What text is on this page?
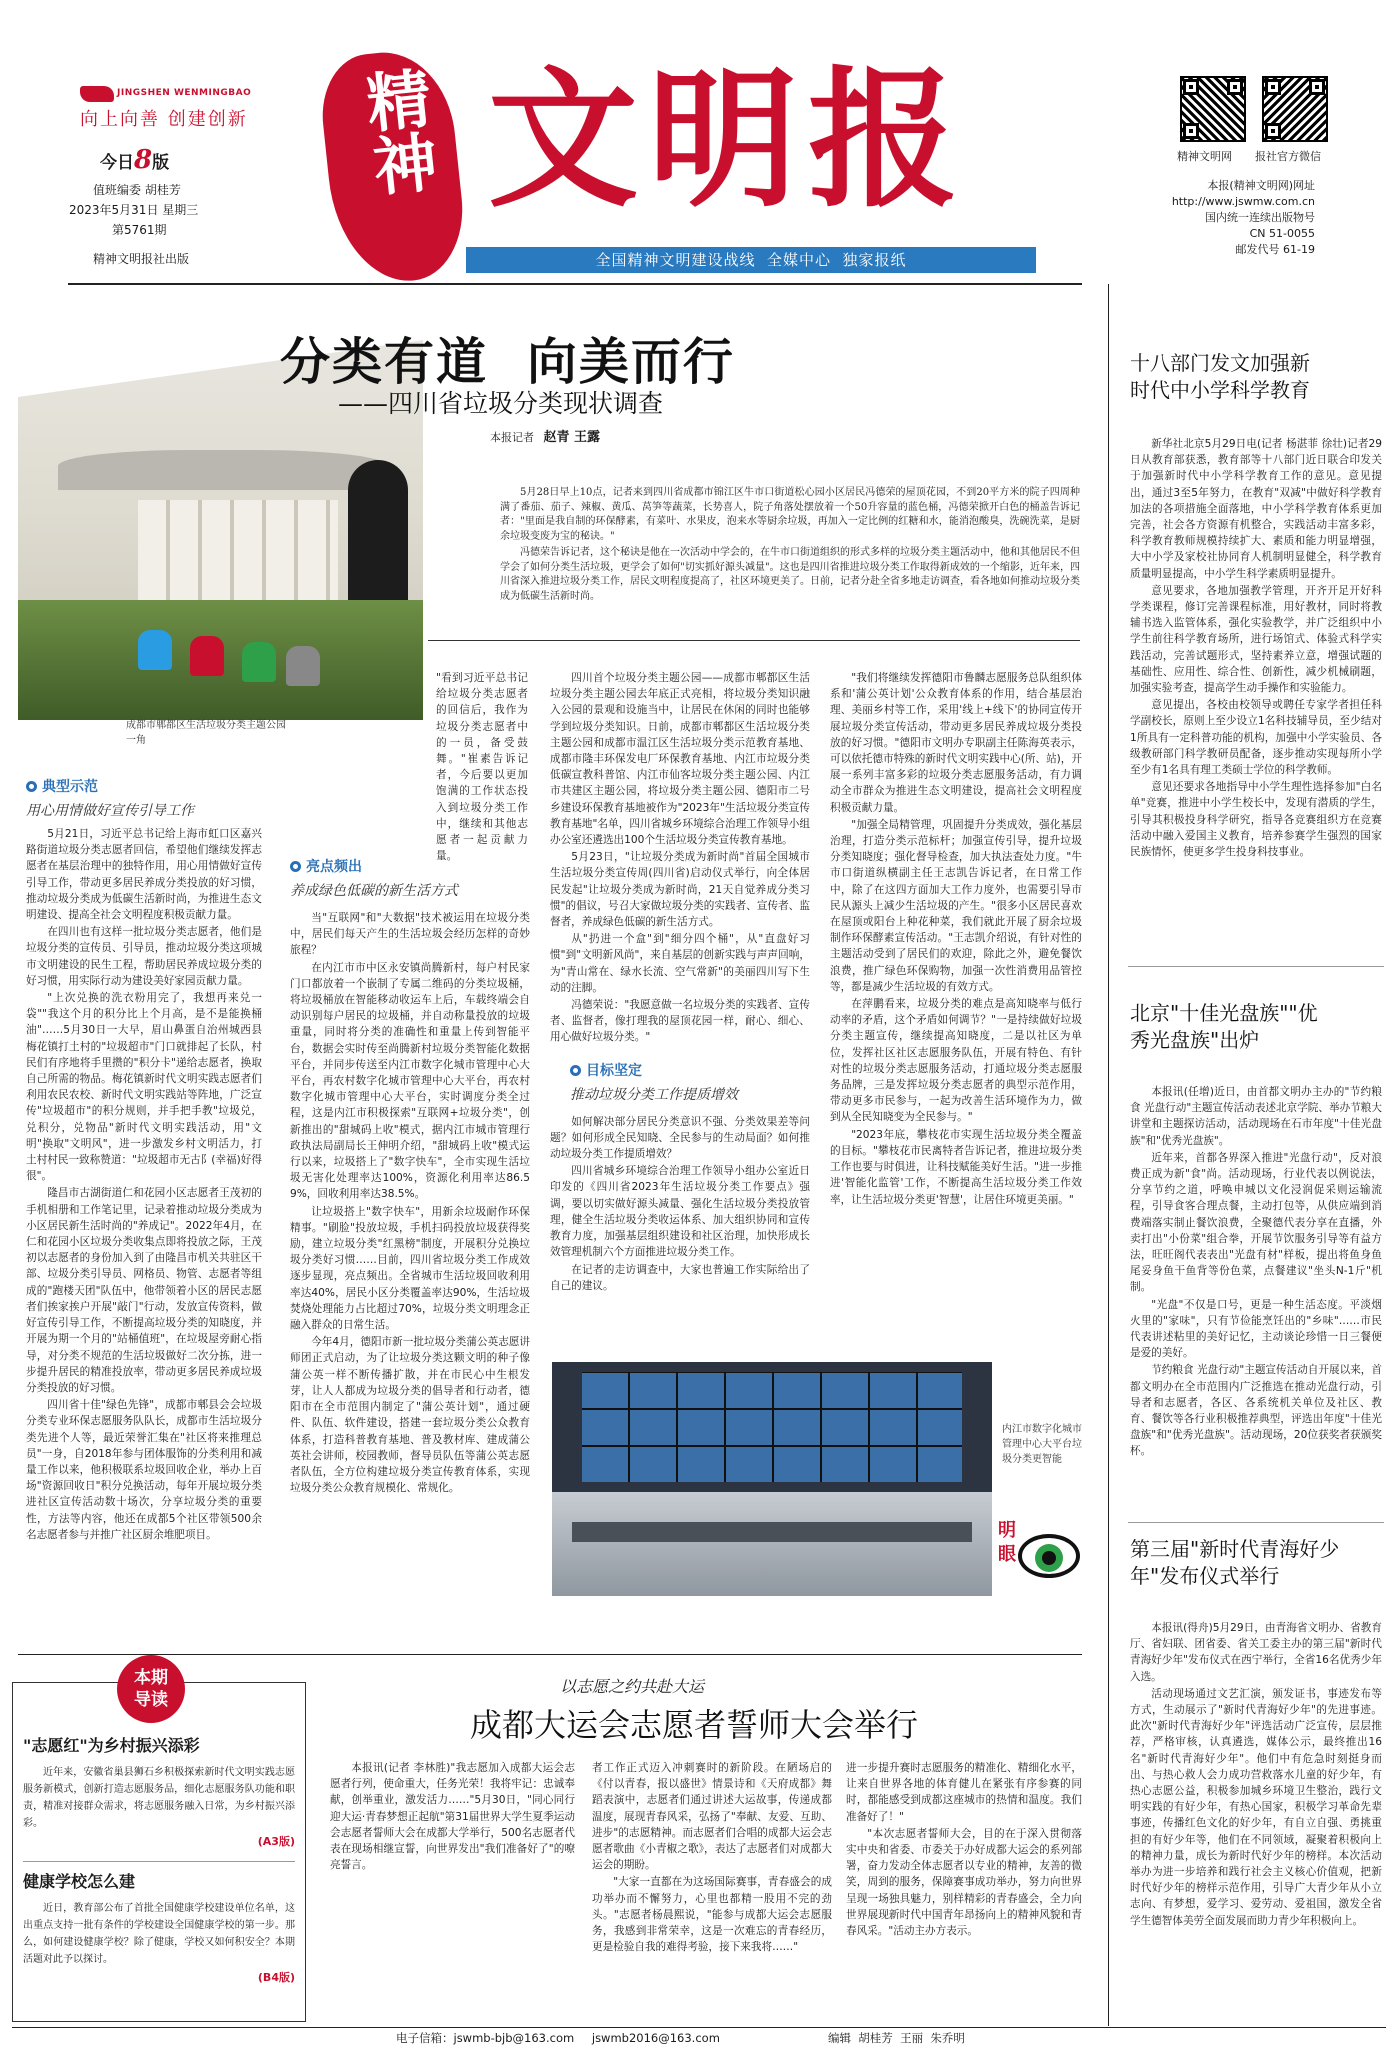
JINGSHEN WENMINGBAO
向上向善 创建创新
今日8版
值班编委 胡桂芳
2023年5月31日 星期三
第5761期
精神文明报社出版
精神 文明报	精神文明网 报社官方微信
本报(精神文明网)网址
http://www.jswmw.com.cn
国内统一连续出版物号
CN 51-0055
邮发代号 61-19
全国精神文明建设战线  全媒中心  独家报纸
成都市郫都区生活垃圾分类主题公园一角
分类有道  向美而行
——四川省垃圾分类现状调查
本报记者 赵青 王露

5月28日早上10点，记者来到四川省成都市锦江区牛市口街道松心园小区居民冯德荣的屋顶花园，不到20平方米的院子四周种满了番茄、茄子、辣椒、黄瓜、莴笋等蔬菜，长势喜人，院子角落处摆放着一个50升容量的蓝色桶，冯德荣掀开白色的桶盖告诉记者："里面是我自制的环保酵素，有菜叶、水果皮，泡来水等厨余垃圾，再加入一定比例的红糖和水，能消泡酸臭，洗碗洗菜，是厨余垃圾变废为宝的秘诀。"

冯德荣告诉记者，这个秘诀是他在一次活动中学会的，在牛市口街道组织的形式多样的垃圾分类主题活动中，他和其他居民不但学会了如何分类生活垃圾，更学会了如何"切实抓好源头减量"。这也是四川省推进垃圾分类工作取得新成效的一个缩影，近年来，四川省深入推进垃圾分类工作，居民文明程度提高了，社区环境更美了。日前，记者分赴全省多地走访调查，看各地如何推动垃圾分类成为低碳生活新时尚。

典型示范
用心用情做好宣传引导工作

5月21日，习近平总书记给上海市虹口区嘉兴路街道垃圾分类志愿者回信，希望他们继续发挥志愿者在基层治理中的独特作用，用心用情做好宣传引导工作，带动更多居民养成分类投放的好习惯，推动垃圾分类成为低碳生活新时尚，为推进生态文明建设、提高全社会文明程度积极贡献力量。

在四川也有这样一批垃圾分类志愿者，他们是垃圾分类的宣传员、引导员，推动垃圾分类这项城市文明建设的民生工程，帮助居民养成垃圾分类的好习惯，用实际行动为建设美好家园贡献力量。

"上次兑换的洗衣粉用完了，我想再来兑一袋""我这个月的积分比上个月高，是不是能换桶油"……5月30日一大早，眉山鼻蛋自治州城西县梅花镇打土村的"垃圾超市"门口就排起了长队，村民们有序地将手里攒的"积分卡"递给志愿者，换取自己所需的物品。梅花镇新时代文明实践志愿者们利用农民农校、新时代文明实践站等阵地，广泛宣传"垃圾超市"的积分规则，并手把手教"垃圾兑，兑积分，兑物品"新时代文明实践活动，用"文明"换取"文明风"，进一步激发乡村文明活力，打土村村民一致称赞道："垃圾超市无古阝(幸福)好得很"。

隆昌市古湖街道仁和花园小区志愿者王茂初的手机相册和工作笔记里，记录着推动垃圾分类成为小区居民新生活时尚的"养成记"。2022年4月，在仁和花园小区垃圾分类收集点即将投放之际，王茂初以志愿者的身份加入到了由隆昌市机关共驻区干部、垃圾分类引导员、网格员、物管、志愿者等组成的"跑楼天团"队伍中，他带领着小区的居民志愿者们挨家挨户开展"敲门"行动，发放宣传资料，做好宣传引导工作，不断提高垃圾分类的知晓度，并开展为期一个月的"站桶值班"，在垃圾屋旁耐心指导，对分类不规范的生活垃圾做好二次分拣，进一步提升居民的精准投放率，带动更多居民养成垃圾分类投放的好习惯。

四川省十佳"绿色先锋"，成都市郫县会会垃圾分类专业环保志愿服务队队长，成都市生活垃圾分类先进个人等，最近荣誉汇集在"社区将来推理总员"一身，自2018年参与团体服饰的分类利用和减量工作以来，他积极联系垃圾回收企业，举办上百场"资源回收日"积分兑换活动，每年开展垃圾分类进社区宣传活动数十场次，分享垃圾分类的重要性，方法等内容，他还在成都5个社区带领500余名志愿者参与并推广社区厨余堆肥项目。

"看到习近平总书记给垃圾分类志愿者的回信后，我作为垃圾分类志愿者中的一员，备受鼓舞。"崔素告诉记者，今后要以更加饱满的工作状态投入到垃圾分类工作中，继续和其他志愿者一起贡献力量。

亮点频出
养成绿色低碳的新生活方式

当"互联网"和"大数据"技术被运用在垃圾分类中，居民们每天产生的生活垃圾会经历怎样的奇妙旅程？

在内江市市中区永安镇尚腾新村，每户村民家门口都放着一个嵌制了专属二维码的分类垃圾桶，将垃圾桶放在智能移动收运车上后，车载终端会自动识别每户居民的垃圾桶，并自动称量投放的垃圾重量，同时将分类的准确性和重量上传到智能平台，数据会实时传至尚腾新村垃圾分类智能化数据平台，并同步传送至内江市数字化城市管理中心大平台，再农村数字化城市管理中心大平台，再农村数字化城市管理中心大平台，实时调度分类全过程，这是内江市积极探索"互联网+垃圾分类"，创新推出的"甜城码上收"模式，据内江市城市管理行政执法局副局长王伸明介绍，"甜城码上收"模式运行以来，垃圾搭上了"数字快车"，全市实现生活垃圾无害化处理率达100%，资源化利用率达86.59%，回收利用率达38.5%。

让垃圾搭上"数字快车"，用新余垃圾耐作环保精事。"刷脸"投放垃圾，手机扫码投放垃圾获得奖励，建立垃圾分类"红黑榜"制度，开展积分兑换垃圾分类好习惯……目前，四川省垃圾分类工作成效逐步显现，亮点频出。全省城市生活垃圾回收利用率达40%，居民小区分类覆盖率达90%，生活垃圾焚烧处理能力占比超过70%，垃圾分类文明理念正融入群众的日常生活。

今年4月，德阳市新一批垃圾分类蒲公英志愿讲师团正式启动，为了让垃圾分类这颗文明的种子像蒲公英一样不断传播扩散，并在市民心中生根发芽，让人人都成为垃圾分类的倡导者和行动者，德阳市在全市范围内制定了"蒲公英计划"，通过硬件、队伍、软件建设，搭建一套垃圾分类公众教育体系，打造科普教育基地、普及教材库、建成蒲公英社会讲师，校园教师，督导员队伍等蒲公英志愿者队伍，全方位构建垃圾分类宣传教育体系，实现垃圾分类公众教育规模化、常规化。

四川首个垃圾分类主题公园——成都市郫都区生活垃圾分类主题公园去年底正式亮相，将垃圾分类知识融入公园的景观和设施当中，让居民在休闲的同时也能够学到垃圾分类知识。日前，成都市郫都区生活垃圾分类主题公园和成都市温江区生活垃圾分类示范教育基地、成都市隆丰环保发电厂环保教育基地、内江市垃圾分类低碳宣教科普馆、内江市仙客垃圾分类主题公园、内江市共建区主题公园，将垃圾分类主题公园、德阳市二号乡建设环保教育基地被作为"2023年"生活垃圾分类宣传教育基地"名单，四川省城乡环境综合治理工作领导小组办公室还遴选出100个生活垃圾分类宣传教育基地。

5月23日，"让垃圾分类成为新时尚"首届全国城市生活垃圾分类宣传周(四川省)启动仪式举行，向全体居民发起"让垃圾分类成为新时尚，21天自觉养成分类习惯"的倡议，号召大家做垃圾分类的实践者、宣传者、监督者，养成绿色低碳的新生活方式。

从"扔进一个盒"到"细分四个桶"，从"直盘好习惯"到"文明新风尚"，来自基层的创新实践与声声回响，为"青山常在、绿水长流、空气常新"的美丽四川写下生动的注脚。

冯德荣说："我愿意做一名垃圾分类的实践者、宣传者、监督者，像打理我的屋顶花园一样，耐心、细心、用心做好垃圾分类。"

目标坚定
推动垃圾分类工作提质增效

如何解决部分居民分类意识不强、分类效果差等问题？如何形成全民知晓、全民参与的生动局面？如何推动垃圾分类工作提质增效？

四川省城乡环境综合治理工作领导小组办公室近日印发的《四川省2023年生活垃圾分类工作要点》强调，要以切实做好源头减量、强化生活垃圾分类投放管理，健全生活垃圾分类收运体系、加大组织协同和宣传教育力度，加强基层组织建设和社区治理，加快形成长效管理机制六个方面推进垃圾分类工作。

在记者的走访调查中，大家也普遍工作实际给出了自己的建议。

"我们将继续发挥德阳市鲁麟志愿服务总队组织体系和'蒲公英计划'公众教育体系的作用，结合基层治理、美丽乡村等工作，采用'线上+线下'的协同宣传开展垃圾分类宣传活动，带动更多居民养成垃圾分类投放的好习惯。"德阳市文明办专职副主任陈海英表示，可以依托德市特殊的新时代文明实践中心(所、站)，开展一系列丰富多彩的垃圾分类志愿服务活动，有力调动全市群众为推进生态文明建设，提高社会文明程度积极贡献力量。

"加强全局精管理，巩固提升分类成效，强化基层治理，打造分类示范标杆；加强宣传引导，提升垃圾分类知晓度；强化督导检查，加大执法查处力度。"牛市口街道纵横副主任王志凯告诉记者，在日常工作中，除了在这四方面加大工作力度外，也需要引导市民从源头上减少生活垃圾的产生。"很多小区居民喜欢在屋顶或阳台上种花种菜，我们就此开展了厨余垃圾制作环保酵素宣传活动。"王志凯介绍说，有针对性的主题活动受到了居民们的欢迎，除此之外，避免餐饮浪费，推广绿色环保购物，加强一次性消费用品管控等，都是减少生活垃圾的有效方式。

在萍鹏看来，垃圾分类的难点是高知晓率与低行动率的矛盾，这个矛盾如何调节？"一是持续做好垃圾分类主题宣传，继续提高知晓度，二是以社区为单位，发挥社区社区志愿服务队伍，开展有特色、有针对性的垃圾分类志愿服务活动，打通垃圾分类志愿服务品牌，三是发挥垃圾分类志愿者的典型示范作用，带动更多市民参与，一起为改善生活环境作为力，做到从全民知晓变为全民参与。"

"2023年底，攀枝花市实现生活垃圾分类全覆盖的目标。"攀枝花市民离特者告诉记者，推进垃圾分类工作也要与时俱进，让科技赋能美好生活。"进一步推进'智能化监管'工作，不断提高生活垃圾分类工作效率，让生活垃圾分类更'智慧'，让居住环境更美丽。"

内江市数字化城市管理中心大平台垃圾分类更智能
明眼
本期导读
"志愿红"为乡村振兴添彩

近年来，安徽省巢县狮石乡积极探索新时代文明实践志愿服务新模式，创新打造志愿服务品，细化志愿服务队功能和职责，精准对接群众需求，将志愿服务融入日常，为乡村振兴添彩。

(A3版)
健康学校怎么建

近日，教育部公布了首批全国健康学校建设单位名单，这出重点支持一批有条件的学校建设全国健康学校的第一步。那么，如何建设健康学校？除了健康，学校又如何积安全？本期活题对此予以探讨。

(B4版)
以志愿之约共赴大运
成都大运会志愿者誓师大会举行

本报讯(记者 李林胜)"我志愿加入成都大运会志愿者行列，使命重大，任务光荣！我将牢记：忠诚奉献，创举重业，激发活力……"5月30日，"同心同行迎大运·青春梦想正起航"第31届世界大学生夏季运动会志愿者誓师大会在成都大学举行，500名志愿者代表在现场相继宣誓，向世界发出"我们准备好了"的嘹亮誓言。

者工作正式迈入冲刺赛时的新阶段。在陋场启的《付以青春，报以盛世》情景诗和《天府成都》舞蹈表演中，志愿者们通过讲述大运故事，传递成都温度，展现青春风采，弘扬了"奉献、友爱、互助、进步"的志愿精神。而志愿者们合唱的成都大运会志愿者歌曲《小青椒之歌》，表达了志愿者们对成都大运会的期盼。

"大家一直都在为这场国际赛事，青春盛会的成功举办而不懈努力，心里也都精一股用不完的劲头。"志愿者杨晨熙说，"能参与成都大运会志愿服务，我感到非常荣幸，这是一次难忘的青春经历，更是检验自我的难得考验，接下来我将……"

进一步提升赛时志愿服务的精准化、精细化水平，让来自世界各地的体育健儿在紧张有序参赛的同时，都能感受到成都这座城市的热情和温度。我们准备好了！"

"本次志愿者誓师大会，目的在于深入贯彻落实中央和省委、市委关于办好成都大运会的系列部署，奋力发动全体志愿者以专业的精神，友善的微笑，周到的服务，保障赛事成功举办，努力向世界呈现一场独具魅力，别样精彩的青春盛会，全力向世界展现新时代中国青年昂扬向上的精神风貌和青春风采。"活动主办方表示。

十八部门发文加强新时代中小学科学教育

新华社北京5月29日电(记者 杨湛菲 徐壮)记者29日从教育部获悉，教育部等十八部门近日联合印发关于加强新时代中小学科学教育工作的意见。意见提出，通过3至5年努力，在教育"双减"中做好科学教育加法的各项措施全面落地，中小学科学教育体系更加完善，社会各方资源有机整合，实践活动丰富多彩，科学教育教师规模持续扩大、素质和能力明显增强，大中小学及家校社协同育人机制明显健全，科学教育质量明显提高，中小学生科学素质明显提升。

意见要求，各地加强教学管理，开齐开足开好科学类课程，修订完善课程标准，用好教材，同时将教辅书选入监管体系，强化实验教学，并广泛组织中小学生前往科学教育场所，进行场馆式、体验式科学实践活动，完善试题形式，坚持素养立意，增强试题的基础性、应用性、综合性、创新性，减少机械刷题，加强实验考查，提高学生动手操作和实验能力。

意见提出，各校由校领导或聘任专家学者担任科学副校长，原则上至少设立1名科技辅导员，至少结对1所具有一定科普功能的机构，加强中小学实验员、各级教研部门科学教研员配备，逐步推动实现每所小学至少有1名具有理工类硕士学位的科学教师。

意见还要求各地指导中小学生理性选择参加"白名单"竞赛，推进中小学生校长中，发现有潜质的学生，引导其积极投身科学研究，指导各竞赛组织方在竞赛活动中融入爱国主义教育，培养参赛学生强烈的国家民族情怀，使更多学生投身科技事业。

北京"十佳光盘族""优秀光盘族"出炉

本报讯(任增)近日，由首都文明办主办的"节约粮食 光盘行动"主题宣传活动表述北京学院、举办节粮大讲堂和主题探访活动，活动现场在石市年度"十佳光盘族"和"优秀光盘族"。

近年来，首都各界深入推进"光盘行动"，反对浪费正成为新"食"尚。活动现场，行业代表以例说法，分享节约之道，呼唤申城以文化浸润促采则运输流程，引导食客合理点餐，主动打包等，从供应端到消费端落实制止餐饮浪费，全聚德代表分享在直播，外卖打出"小份菜"组合拳，开展节饮服务引导等有益方法，旺旺阁代表表出"光盘有材"样板，提出将鱼身鱼尾妥身鱼干鱼背等份色菜，点餐建议"坐头N-1斤"机制。

"光盘"不仅是口号，更是一种生活态度。平淡烟火里的"家味"，只有节俭能烹饪出的"乡味"……市民代表讲述粘里的美好记忆，主动谈论珍惜一日三餐便是爱的美好。

节约粮食 光盘行动"主题宣传活动自开展以来，首都文明办在全市范围内广泛推选在推动光盘行动，引导者和志愿者，各区、各系统机关单位及社区、教育、餐饮等各行业积极推荐典型，评选出年度"十佳光盘族"和"优秀光盘族"。活动现场，20位获奖者获颁奖杯。

第三届"新时代青海好少年"发布仪式举行

本报讯(得舟)5月29日，由青海省文明办、省教育厅、省妇联、团省委、省关工委主办的第三届"新时代青海好少年"发布仪式在西宁举行，全省16名优秀少年入选。

活动现场通过文艺汇演，颁发证书，事迹发布等方式，生动展示了"新时代青海好少年"的先进事迹。此次"新时代青海好少年"评选活动广泛宣传，层层推荐，严格审核，认真遴选，媒体公示，最终推出16名"新时代青海好少年"。他们中有危急时刻挺身而出、与热心救人会力成功营救落水儿童的好少年，有热心志愿公益，积极参加城乡环境卫生整治，践行文明实践的有好少年，有热心国家，积极学习革命先辈事迹，传播红色文化的好少年，有自立自强、勇挑重担的有好少年等，他们在不同领域，凝聚着积极向上的精神力量，成长为新时代好少年的榜样。本次活动举办为进一步培养和践行社会主义核心价值观，把新时代好少年的榜样示范作用，引导广大青少年从小立志向、有梦想，爱学习、爱劳动、爱祖国，激发全省学生德智体美劳全面发展而助力青少年积极向上。

电子信箱：jswmb-bjb@163.com jswmb2016@163.com	编辑  胡桂芳  王丽  朱乔明
